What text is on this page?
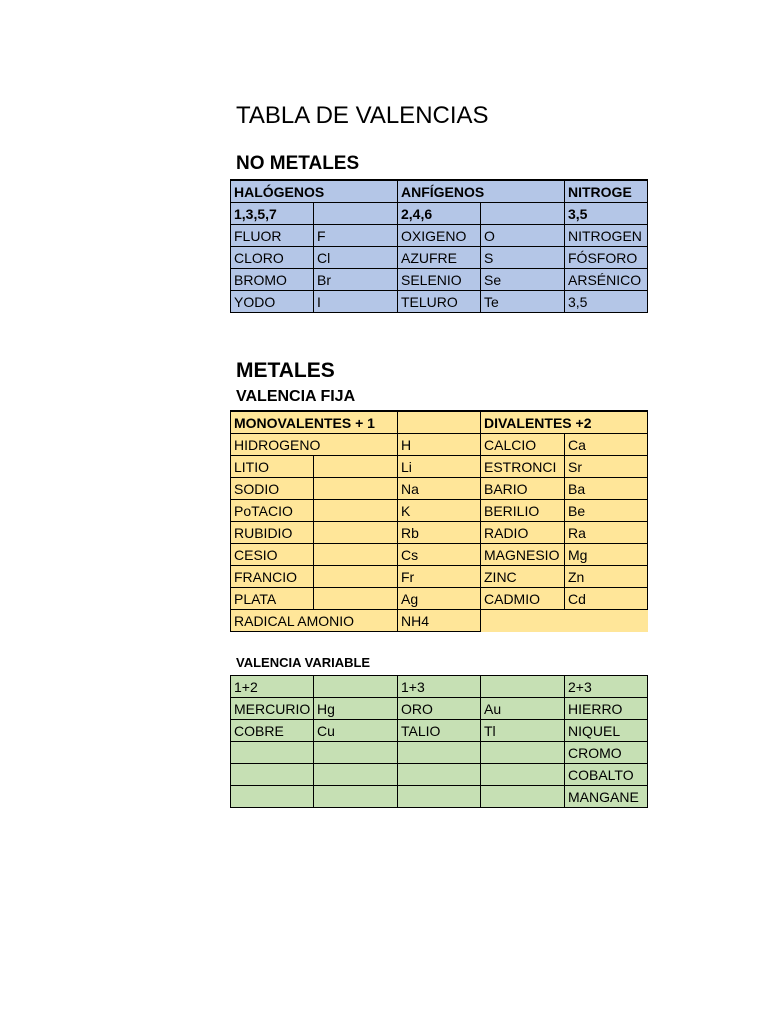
TABLA DE VALENCIAS
NO METALES
HALÓGENOS		ANFÍGENOS		NITROGE
1,3,5,7		2,4,6		3,5
FLUOR	F	OXIGENO	O	NITROGEN
CLORO	Cl	AZUFRE	S	FÓSFORO
BROMO	Br	SELENIO	Se	ARSÉNICO
YODO	I	TELURO	Te	3,5
METALES
VALENCIA FIJA
MONOVALENTES + 1			DIVALENTES +2	
HIDROGENO		H	CALCIO	Ca
LITIO		Li	ESTRONCI	Sr
SODIO		Na	BARIO	Ba
PoTACIO		K	BERILIO	Be
RUBIDIO		Rb	RADIO	Ra
CESIO		Cs	MAGNESIO	Mg
FRANCIO		Fr	ZINC	Zn
PLATA		Ag	CADMIO	Cd
RADICAL AMONIO		NH4		
VALENCIA VARIABLE
1+2		1+3		2+3
MERCURIO	Hg	ORO	Au	HIERRO
COBRE	Cu	TALIO	Tl	NIQUEL
				CROMO
				COBALTO
				MANGANE
